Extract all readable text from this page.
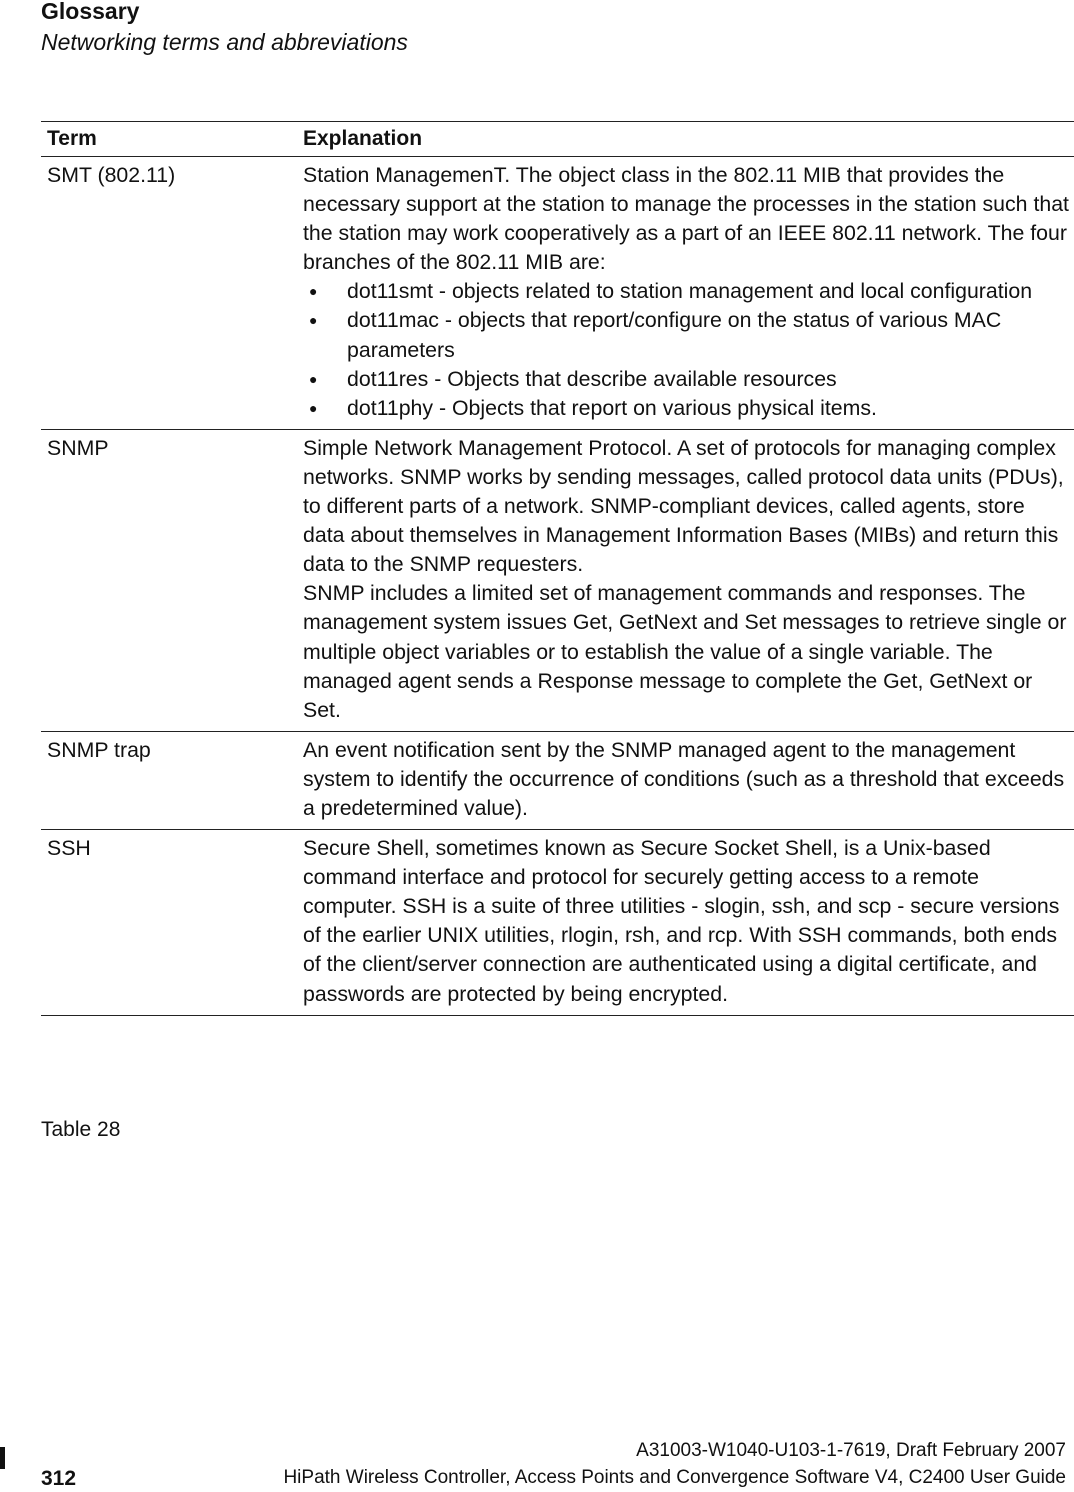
Glossary
Networking terms and abbreviations
Term	Explanation
SMT (802.11)	Station ManagemenT. The object class in the 802.11 MIB that provides the necessary support at the station to manage the processes in the station such that the station may work cooperatively as a part of an IEEE 802.11 network. The four branches of the 802.11 MIB are:
●	dot11smt - objects related to station management and local configuration
●	dot11mac - objects that report/configure on the status of various MAC parameters
●	dot11res - Objects that describe available resources
●	dot11phy - Objects that report on various physical items.
SNMP	Simple Network Management Protocol. A set of protocols for managing complex networks. SNMP works by sending messages, called protocol data units (PDUs), to different parts of a network. SNMP-compliant devices, called agents, store data about themselves in Management Information Bases (MIBs) and return this data to the SNMP requesters.
SNMP includes a limited set of management commands and responses. The management system issues Get, GetNext and Set messages to retrieve single or multiple object variables or to establish the value of a single variable. The managed agent sends a Response message to complete the Get, GetNext or Set.
SNMP trap	An event notification sent by the SNMP managed agent to the management system to identify the occurrence of conditions (such as a threshold that exceeds a predetermined value).
SSH	Secure Shell, sometimes known as Secure Socket Shell, is a Unix-based command interface and protocol for securely getting access to a remote computer. SSH is a suite of three utilities - slogin, ssh, and scp - secure versions of the earlier UNIX utilities, rlogin, rsh, and rcp. With SSH commands, both ends of the client/server connection are authenticated using a digital certificate, and passwords are protected by being encrypted.
Table 28
A31003-W1040-U103-1-7619, Draft February 2007
312	HiPath Wireless Controller, Access Points and Convergence Software V4, C2400 User Guide
